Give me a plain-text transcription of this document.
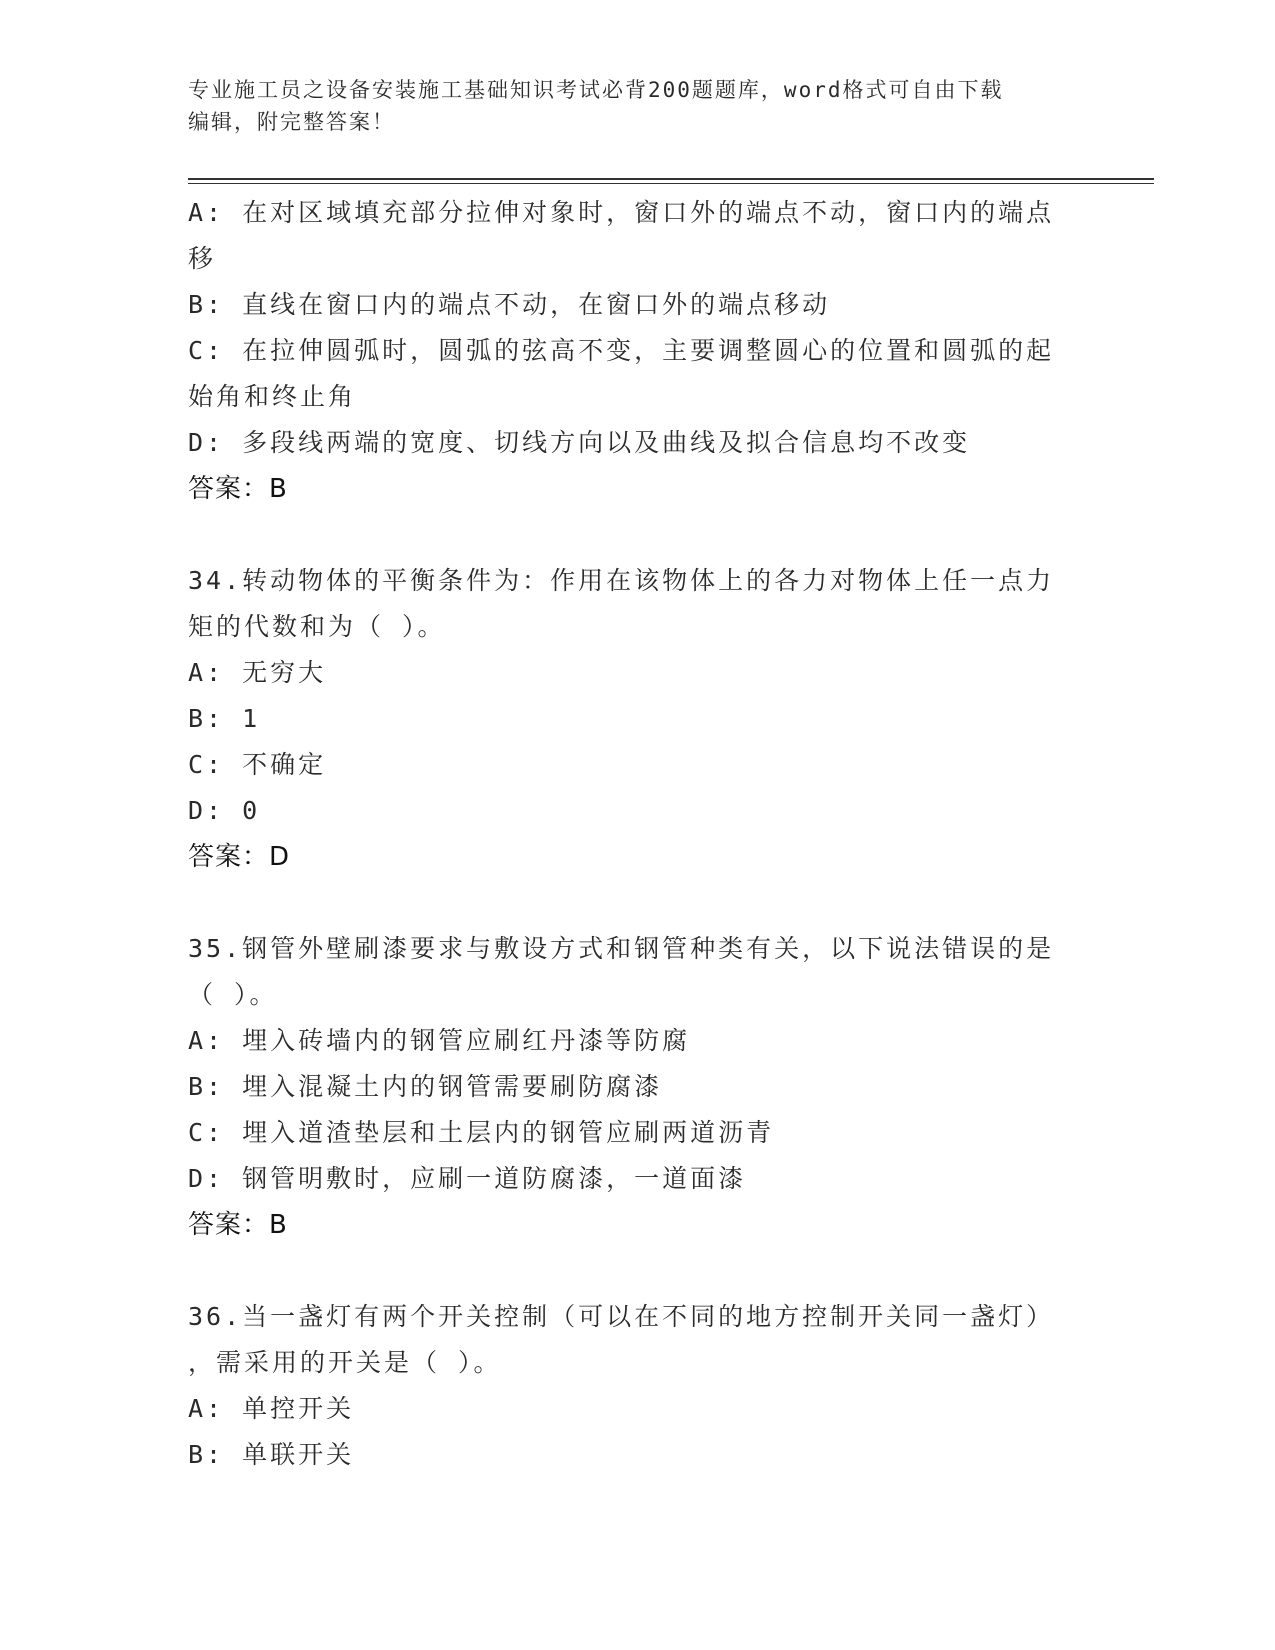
专业施工员之设备安装施工基础知识考试必背200题题库，word格式可自由下载
编辑，附完整答案！
A: 在对区域填充部分拉伸对象时，窗口外的端点不动，窗口内的端点
移
B: 直线在窗口内的端点不动，在窗口外的端点移动
C: 在拉伸圆弧时，圆弧的弦高不变，主要调整圆心的位置和圆弧的起
始角和终止角
D: 多段线两端的宽度、切线方向以及曲线及拟合信息均不改变
答案：B
34.转动物体的平衡条件为：作用在该物体上的各力对物体上任一点力
矩的代数和为（ ）。
A: 无穷大
B: 1
C: 不确定
D: 0
答案：D
35.钢管外壁刷漆要求与敷设方式和钢管种类有关，以下说法错误的是
（ ）。
A: 埋入砖墙内的钢管应刷红丹漆等防腐
B: 埋入混凝土内的钢管需要刷防腐漆
C: 埋入道渣垫层和土层内的钢管应刷两道沥青
D: 钢管明敷时，应刷一道防腐漆，一道面漆
答案：B
36.当一盏灯有两个开关控制（可以在不同的地方控制开关同一盏灯）
，需采用的开关是（ ）。
A: 单控开关
B: 单联开关
